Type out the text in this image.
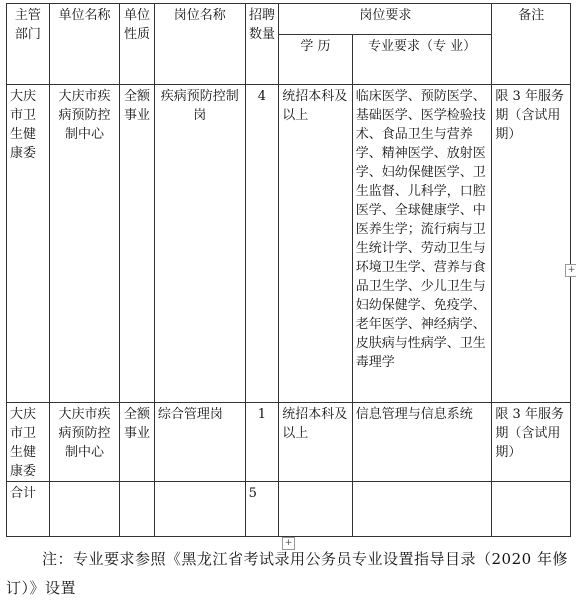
主管部门	单位名称	单位性质	岗位名称	招聘数量	岗位要求		备注
					学 历	专业要求（专 业）	
大庆市卫生健康委	大庆市疾病预防控制中心	全额事业	疾病预防控制岗	4	统招本科及以上	临床医学、预防医学、基础医学、医学检验技术、食品卫生与营养学、精神医学、放射医学、妇幼保健医学、卫生监督、儿科学，口腔医学、全球健康学、中医养生学；流行病与卫生统计学、劳动卫生与环境卫生学、营养与食品卫生学、少儿卫生与妇幼保健学、免疫学、老年医学、神经病学、皮肤病与性病学、卫生毒理学	限 3 年服务期（含试用期）
大庆市卫生健康委	大庆市疾病预防控制中心	全额事业	综合管理岗	1	统招本科及以上	信息管理与信息系统	限 3 年服务期（含试用期）
合计				5			
+
+
注：专业要求参照《黑龙江省考试录用公务员专业设置指导目录（2020 年修订）》设置
